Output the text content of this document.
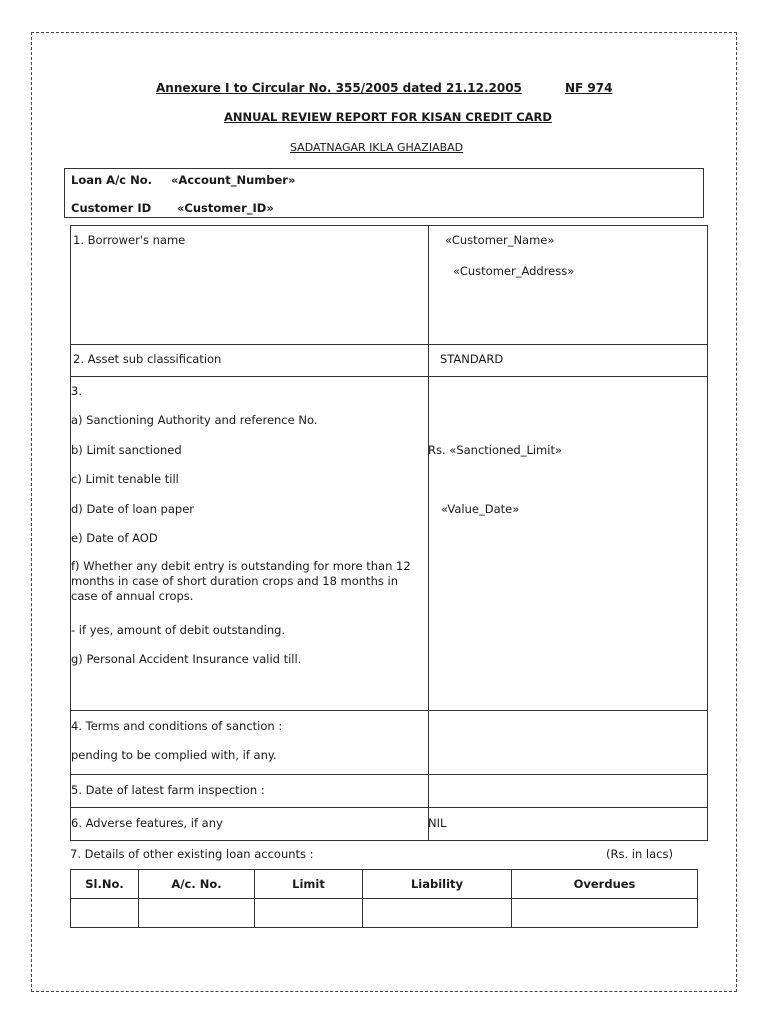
Annexure I to Circular No. 355/2005 dated 21.12.2005	NF 974
ANNUAL REVIEW REPORT FOR KISAN CREDIT CARD
SADATNAGAR IKLA GHAZIABAD
Loan A/c No. «Account_Number»
Customer ID «Customer_ID»
1. Borrower's name	«Customer_Name»
«Customer_Address»
2. Asset sub classification	STANDARD
3.
a) Sanctioning Authority and reference No.
b) Limit sanctioned	Rs. «Sanctioned_Limit»
c) Limit tenable till
d) Date of loan paper	«Value_Date»
e) Date of AOD
f) Whether any debit entry is outstanding for more than 12 months in case of short duration crops and 18 months in case of annual crops.
- if yes, amount of debit outstanding.
g) Personal Accident Insurance valid till.
4. Terms and conditions of sanction :
pending to be complied with, if any.
5. Date of latest farm inspection :
6. Adverse features, if any	NIL
7. Details of other existing loan accounts :	(Rs. in lacs)
Sl.No.	A/c. No.	Limit	Liability	Overdues
